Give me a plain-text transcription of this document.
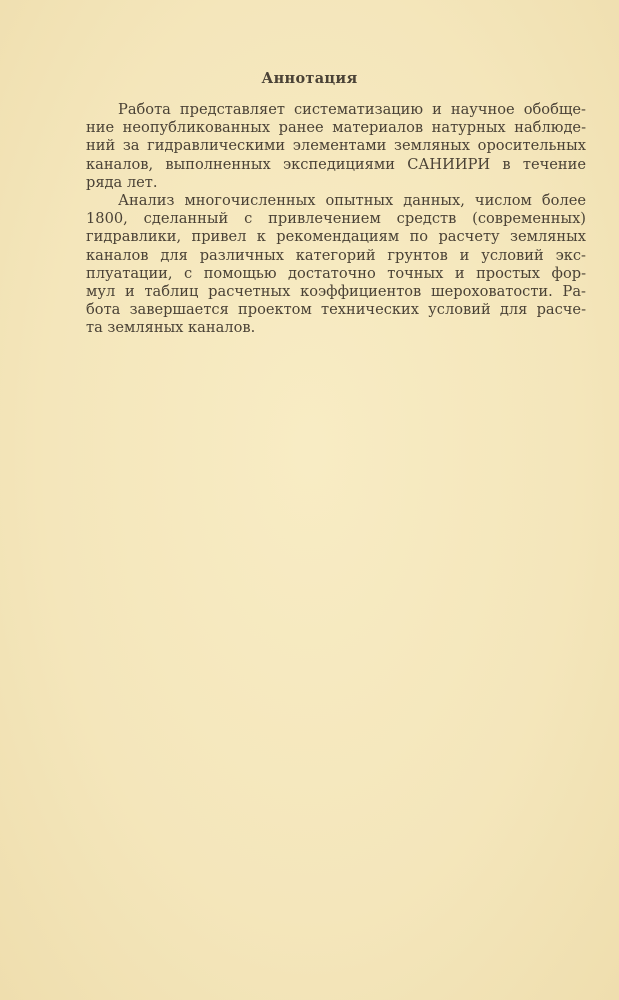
Аннотация
Работа представляет систематизацию и научное обобще-
ние неопубликованных ранее материалов натурных наблюде-
ний за гидравлическими элементами земляных оросительных
каналов, выполненных экспедициями САНИИРИ в течение
ряда лет.
Анализ многочисленных опытных данных, числом более
1800, сделанный с привлечением средств (современных)
гидравлики, привел к рекомендациям по расчету земляных
каналов для различных категорий грунтов и условий экс-
плуатации, с помощью достаточно точных и простых фор-
мул и таблиц расчетных коэффициентов шероховатости. Ра-
бота завершается проектом технических условий для расче-
та земляных каналов.
